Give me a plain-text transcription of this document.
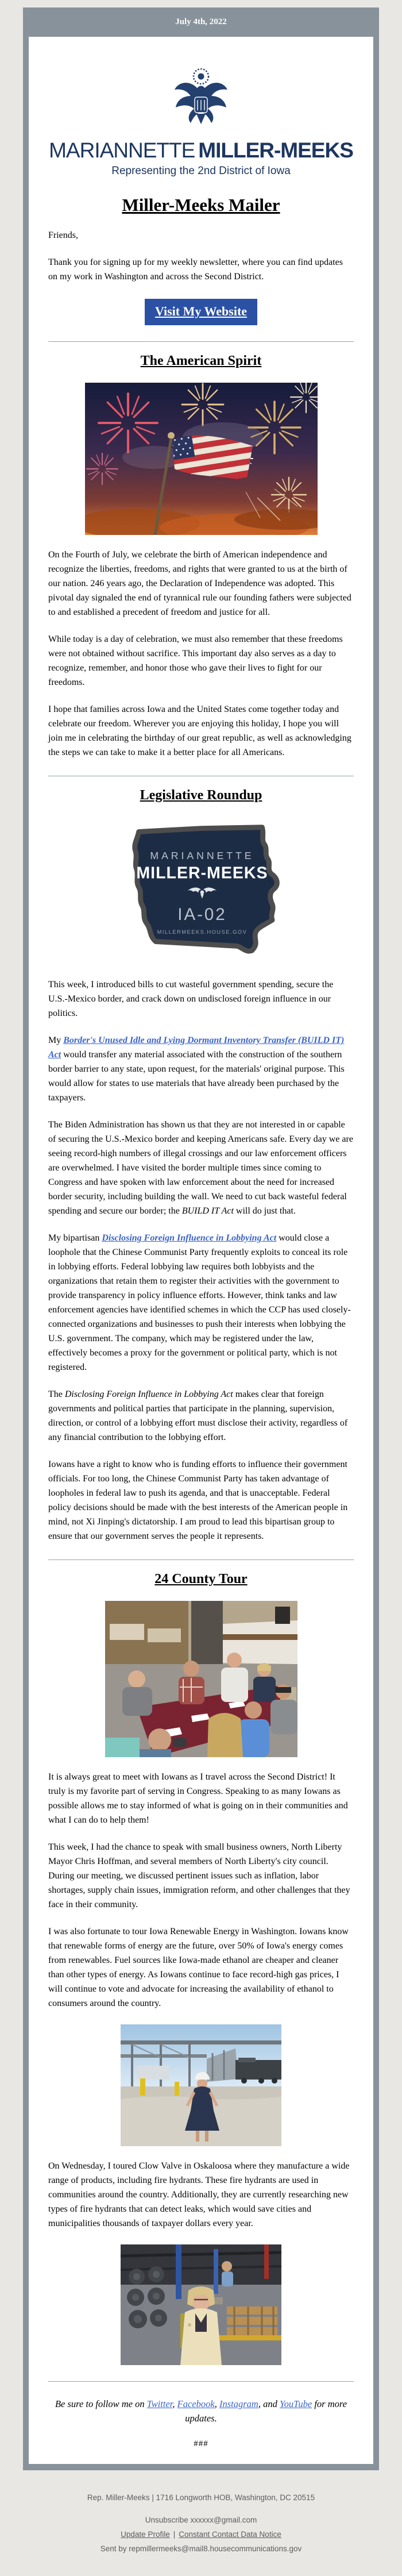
July 4th, 2022
MARIANNETTE MILLER-MEEKS
Representing the 2nd District of Iowa
Miller-Meeks Mailer

Friends,

Thank you for signing up for my weekly newsletter, where you can find updates on my work in Washington and across the Second District.

Visit My Website
The American Spirit

On the Fourth of July, we celebrate the birth of American independence and recognize the liberties, freedoms, and rights that were granted to us at the birth of our nation. 246 years ago, the Declaration of Independence was adopted. This pivotal day signaled the end of tyrannical rule our founding fathers were subjected to and established a precedent of freedom and justice for all.

While today is a day of celebration, we must also remember that these freedoms were not obtained without sacrifice. This important day also serves as a day to recognize, remember, and honor those who gave their lives to fight for our freedoms.

I hope that families across Iowa and the United States come together today and celebrate our freedom. Wherever you are enjoying this holiday, I hope you will join me in celebrating the birthday of our great republic, as well as acknowledging the steps we can take to make it a better place for all Americans.

Legislative Roundup
MARIANNETTE
MILLER-MEEKS
IA-02
MILLERMEEKS.HOUSE.GOV

This week, I introduced bills to cut wasteful government spending, secure the U.S.-Mexico border, and crack down on undisclosed foreign influence in our politics.

My Border's Unused Idle and Lying Dormant Inventory Transfer (BUILD IT) Act would transfer any material associated with the construction of the southern border barrier to any state, upon request, for the materials' original purpose. This would allow for states to use materials that have already been purchased by the taxpayers.

The Biden Administration has shown us that they are not interested in or capable of securing the U.S.-Mexico border and keeping Americans safe. Every day we are seeing record-high numbers of illegal crossings and our law enforcement officers are overwhelmed. I have visited the border multiple times since coming to Congress and have spoken with law enforcement about the need for increased border security, including building the wall. We need to cut back wasteful federal spending and secure our border; the BUILD IT Act will do just that.

My bipartisan Disclosing Foreign Influence in Lobbying Act would close a loophole that the Chinese Communist Party frequently exploits to conceal its role in lobbying efforts. Federal lobbying law requires both lobbyists and the organizations that retain them to register their activities with the government to provide transparency in policy influence efforts. However, think tanks and law enforcement agencies have identified schemes in which the CCP has used closely-connected organizations and businesses to push their interests when lobbying the U.S. government. The company, which may be registered under the law, effectively becomes a proxy for the government or political party, which is not registered.

The Disclosing Foreign Influence in Lobbying Act makes clear that foreign governments and political parties that participate in the planning, supervision, direction, or control of a lobbying effort must disclose their activity, regardless of any financial contribution to the lobbying effort.

Iowans have a right to know who is funding efforts to influence their government officials. For too long, the Chinese Communist Party has taken advantage of loopholes in federal law to push its agenda, and that is unacceptable. Federal policy decisions should be made with the best interests of the American people in mind, not Xi Jinping's dictatorship. I am proud to lead this bipartisan group to ensure that our government serves the people it represents.

24 County Tour

It is always great to meet with Iowans as I travel across the Second District! It truly is my favorite part of serving in Congress. Speaking to as many Iowans as possible allows me to stay informed of what is going on in their communities and what I can do to help them!

This week, I had the chance to speak with small business owners, North Liberty Mayor Chris Hoffman, and several members of North Liberty's city council. During our meeting, we discussed pertinent issues such as inflation, labor shortages, supply chain issues, immigration reform, and other challenges that they face in their community.

I was also fortunate to tour Iowa Renewable Energy in Washington. Iowans know that renewable forms of energy are the future, over 50% of Iowa's energy comes from renewables. Fuel sources like Iowa-made ethanol are cheaper and cleaner than other types of energy. As Iowans continue to face record-high gas prices, I will continue to vote and advocate for increasing the availability of ethanol to consumers around the country.

On Wednesday, I toured Clow Valve in Oskaloosa where they manufacture a wide range of products, including fire hydrants. These fire hydrants are used in communities around the country. Additionally, they are currently researching new types of fire hydrants that can detect leaks, which would save cities and municipalities thousands of taxpayer dollars every year.

Be sure to follow me on Twitter, Facebook, Instagram, and YouTube for more updates.

###
Rep. Miller-Meeks | 1716 Longworth HOB, Washington, DC 20515
Unsubscribe xxxxxx@gmail.com
Update Profile | Constant Contact Data Notice
Sent by repmillermeeks@mail8.housecommunications.gov
